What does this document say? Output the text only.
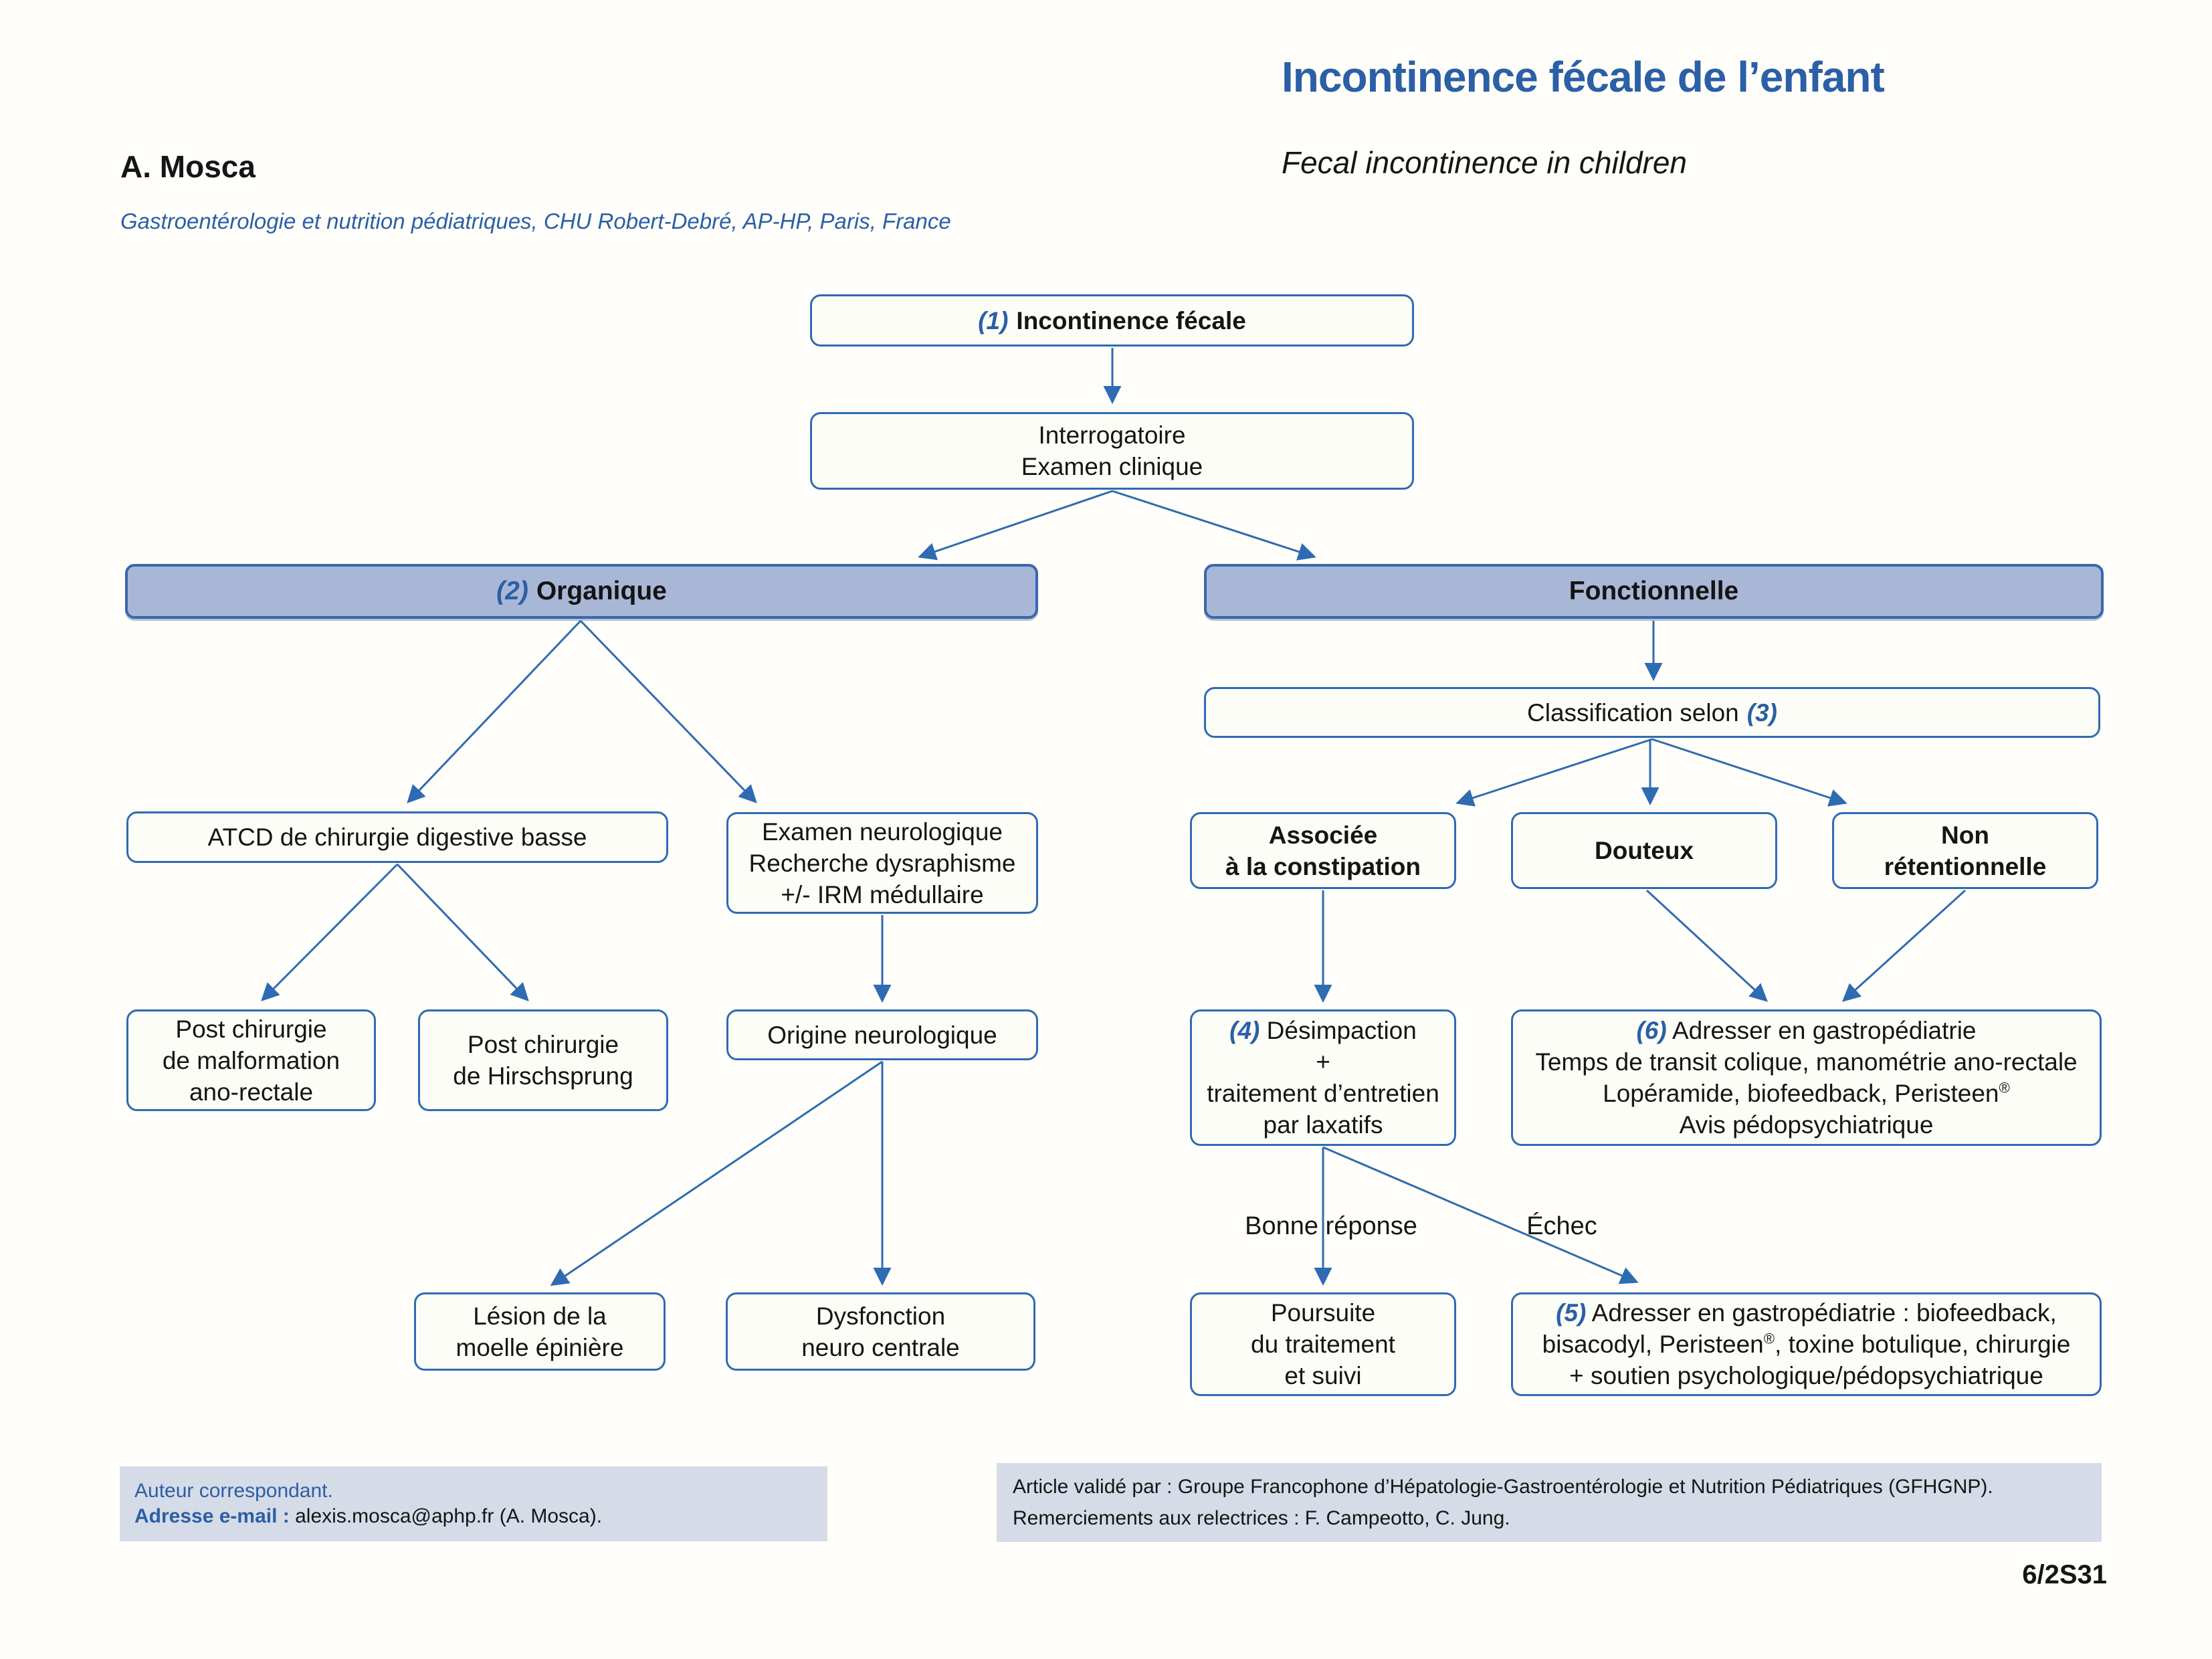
A. Mosca
Gastroentérologie et nutrition pédiatriques, CHU Robert-Debré, AP-HP, Paris, France
Incontinence fécale de l’enfant
Fecal incontinence in children
(1) Incontinence fécale
Interrogatoire
Examen clinique
(2) Organique	Fonctionnelle
Classification selon (3)
ATCD de chirurgie digestive basse	Examen neurologique
Recherche dysraphisme
+/- IRM médullaire
Associée
à la constipation
Douteux
Non
rétentionnelle
Post chirurgie
de malformation
ano-rectale
Post chirurgie
de Hirschsprung
Origine neurologique	(4) Désimpaction
+
traitement d’entretien
par laxatifs
(6) Adresser en gastropédiatrie
Temps de transit colique, manométrie ano-rectale
Lopéramide, biofeedback, Peristeen®
Avis pédopsychiatrique
Bonne réponse	Échec
Lésion de la
moelle épinière
Dysfonction
neuro centrale
Poursuite
du traitement
et suivi
(5) Adresser en gastropédiatrie : biofeedback,
bisacodyl, Peristeen®, toxine botulique, chirurgie
+ soutien psychologique/pédopsychiatrique
Auteur correspondant.
Adresse e-mail : alexis.mosca@aphp.fr (A. Mosca).
Article validé par : Groupe Francophone d’Hépatologie-Gastroentérologie et Nutrition Pédiatriques (GFHGNP).
Remerciements aux relectrices : F. Campeotto, C. Jung.
6/2S31
